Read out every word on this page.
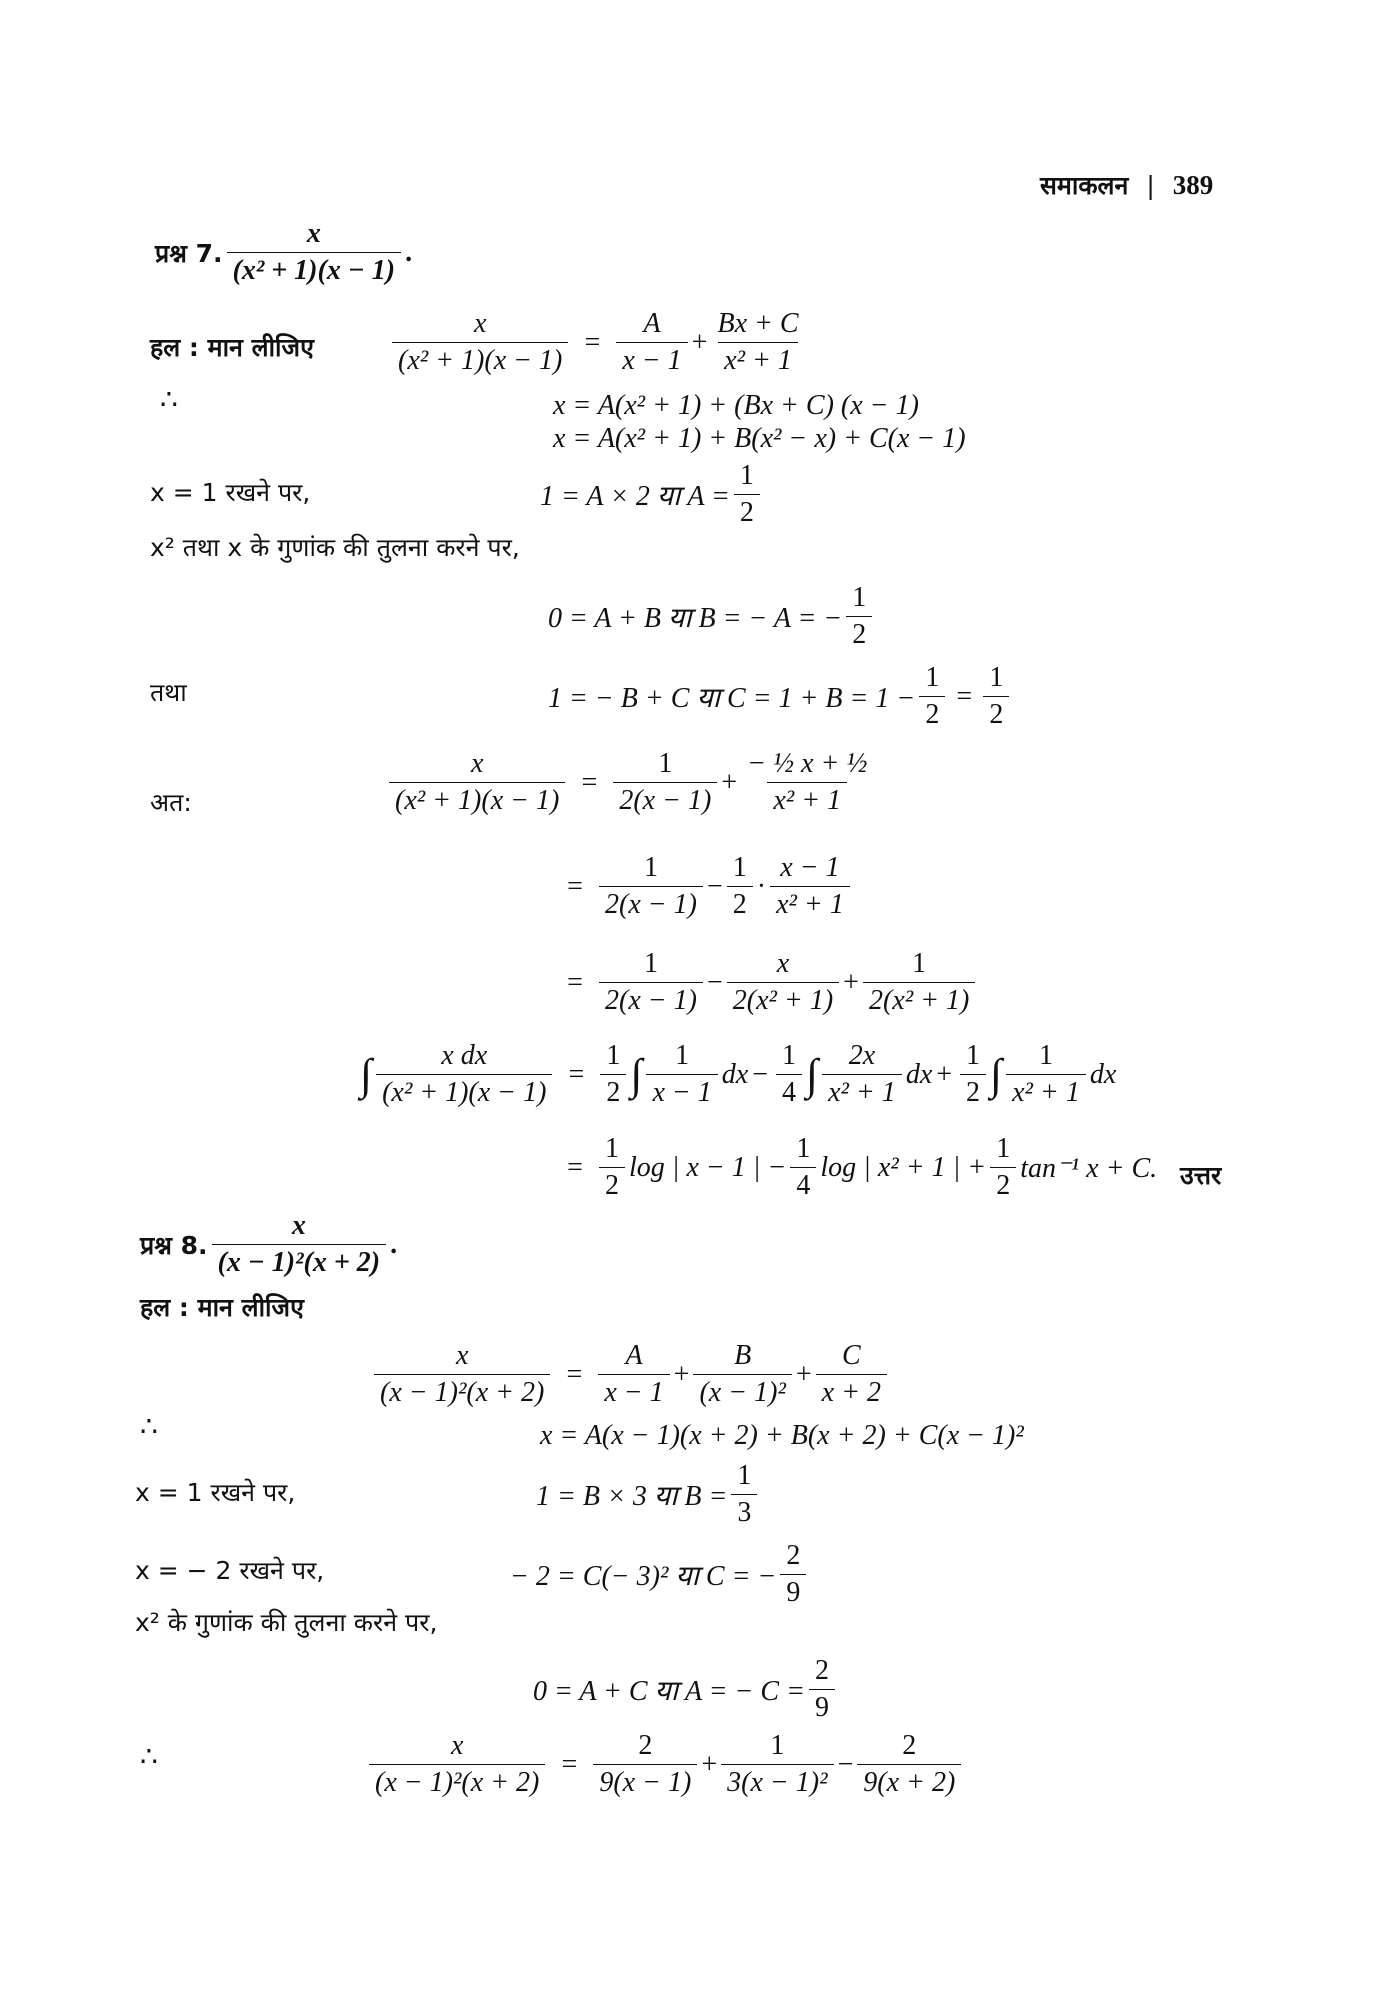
समाकलन | 389
प्रश्न 7. $\frac{x}{\text{(x² + 1)(x − 1)}}$ .
हल : मान लीजिए	$\frac{x}{\text{(x² + 1)(x − 1)}} = \frac{A}{x - 1} + \frac{Bx + C}{\text{x² + 1}}$
∴	x = A(x² + 1) + (Bx + C) (x − 1)
x = A(x² + 1) + B(x² − x) + C(x − 1)
x = 1 रखने पर,	1 = A × 2 या $A = \frac{1}{2}$
x² तथा x के गुणांक की तुलना करने पर,
0 = A + B या B = − A = − $\frac{1}{2}$
तथा	1 = − B + C या $C = 1 + B = 1 - \frac{1}{2} = \frac{1}{2}$
अत:	$\frac{x}{\text{(x² + 1)(x − 1)}} = \frac{1}{2(x - 1)} + \frac{\text{− ½ x + ½}}{\text{x² + 1}}$
= $\frac{1}{2(x - 1)} - \frac{1}{2} \cdot \frac{x - 1}{\text{x² + 1}}$
= $\frac{1}{2(x - 1)} - \frac{x}{\text{2(x² + 1)}} + \frac{1}{\text{2(x² + 1)}}$
∫ $\frac{\text{x dx}}{\text{(x² + 1)(x − 1)}} = \frac{1}{2}$ ∫ $\frac{1}{x - 1}$ dx − $\frac{1}{4}$ ∫ $\frac{2x}{\text{x² + 1}}$ dx + $\frac{1}{2}$ ∫ $\frac{1}{\text{x² + 1}}$ dx
= $\frac{1}{2}$ log | x − 1 | − $\frac{1}{4}$ log | x² + 1 | + $\frac{1}{2} \tan^{-1}$ x + C. उत्तर
प्रश्न 8. $\frac{x}{\text{(x − 1)²(x + 2)}}$ .
हल : मान लीजिए
$\frac{x}{\text{(x − 1)²(x + 2)}} = \frac{A}{x - 1} + \frac{B}{\text{(x − 1)²}} + \frac{C}{x + 2}$
∴	x = A(x − 1)(x + 2) + B(x + 2) + C(x − 1)²
x = 1 रखने पर,	1 = B × 3 या $B = \frac{1}{3}$
x = − 2 रखने पर,	− 2 = C(− 3)² या C = − $\frac{2}{9}$
x² के गुणांक की तुलना करने पर,
0 = A + C या A = − $C = \frac{2}{9}$
∴	$\frac{x}{\text{(x − 1)²(x + 2)}} = \frac{2}{9(x - 1)} + \frac{1}{\text{3(x − 1)²}} - \frac{2}{9(x + 2)}$
